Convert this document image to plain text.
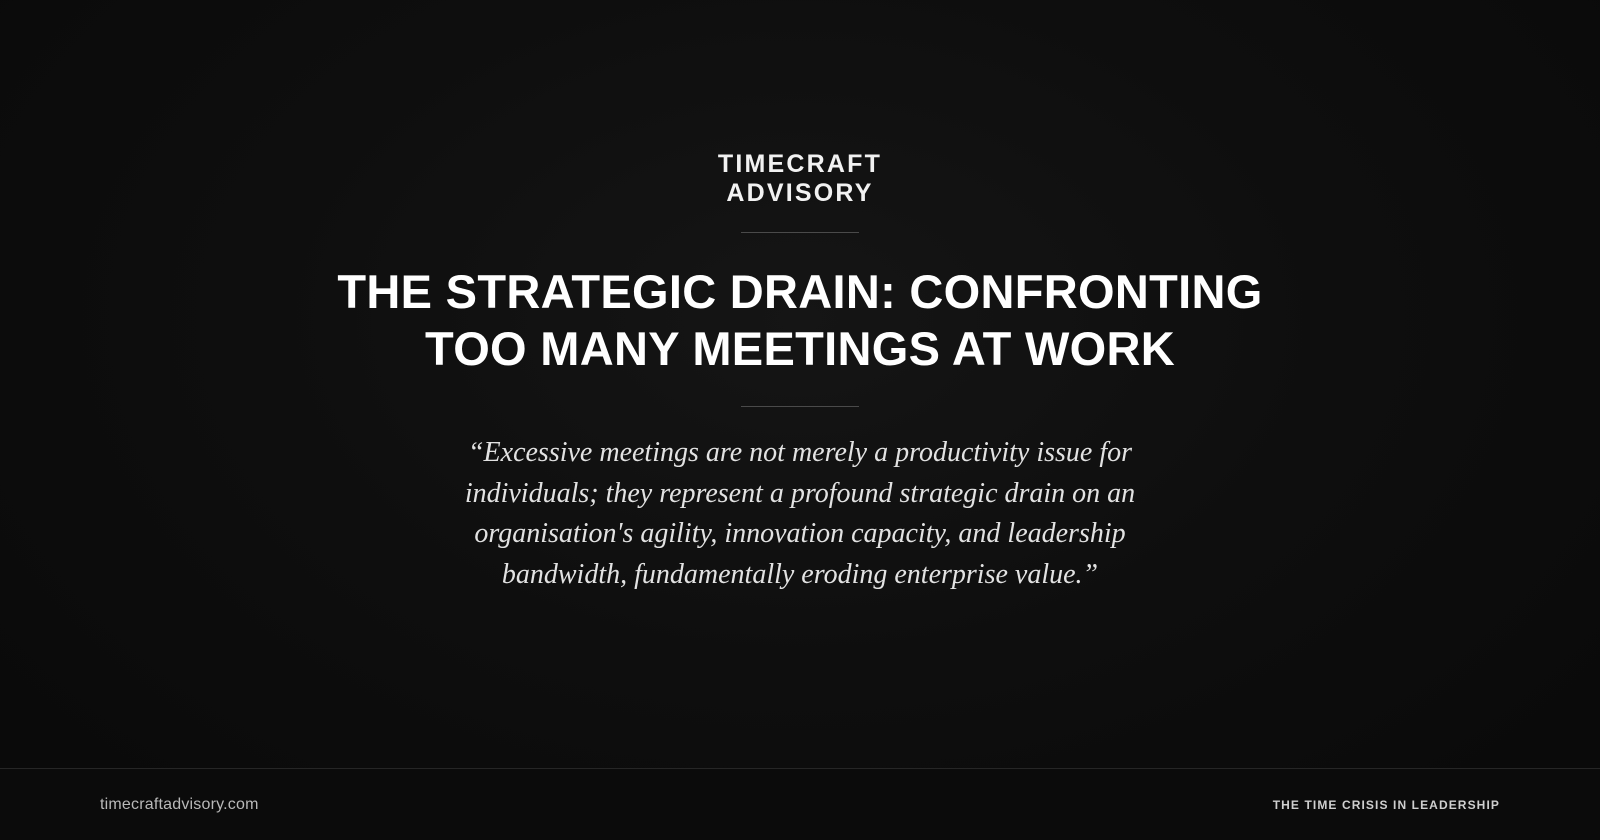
TIMECRAFT
ADVISORY
THE STRATEGIC DRAIN: CONFRONTING TOO MANY MEETINGS AT WORK
“Excessive meetings are not merely a productivity issue for individuals; they represent a profound strategic drain on an organisation's agility, innovation capacity, and leadership bandwidth, fundamentally eroding enterprise value.”
timecraftadvisory.com	THE TIME CRISIS IN LEADERSHIP
